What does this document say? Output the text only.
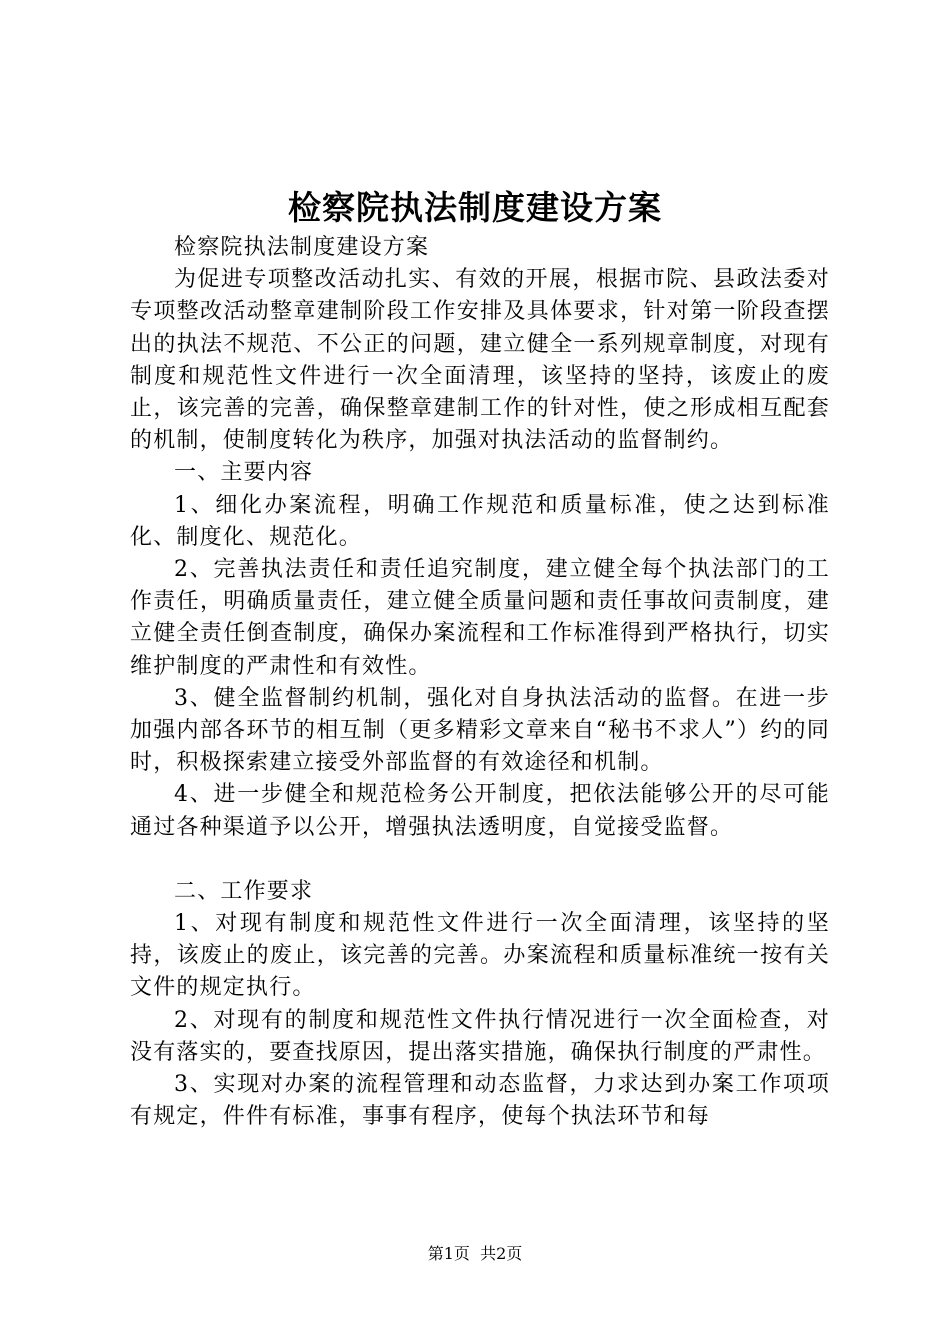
检察院执法制度建设方案

检察院执法制度建设方案

为促进专项整改活动扎实、有效的开展，根据市院、县政法委对专项整改活动整章建制阶段工作安排及具体要求，针对第一阶段查摆出的执法不规范、不公正的问题，建立健全一系列规章制度，对现有制度和规范性文件进行一次全面清理，该坚持的坚持，该废止的废止，该完善的完善，确保整章建制工作的针对性，使之形成相互配套的机制，使制度转化为秩序，加强对执法活动的监督制约。

一、主要内容

1、细化办案流程，明确工作规范和质量标准，使之达到标准化、制度化、规范化。

2、完善执法责任和责任追究制度，建立健全每个执法部门的工作责任，明确质量责任，建立健全质量问题和责任事故问责制度，建立健全责任倒查制度，确保办案流程和工作标准得到严格执行，切实维护制度的严肃性和有效性。

3、健全监督制约机制，强化对自身执法活动的监督。在进一步加强内部各环节的相互制（更多精彩文章来自“秘书不求人”）约的同时，积极探索建立接受外部监督的有效途径和机制。

4、进一步健全和规范检务公开制度，把依法能够公开的尽可能通过各种渠道予以公开，增强执法透明度，自觉接受监督。

二、工作要求

1、对现有制度和规范性文件进行一次全面清理，该坚持的坚持，该废止的废止，该完善的完善。办案流程和质量标准统一按有关文件的规定执行。

2、对现有的制度和规范性文件执行情况进行一次全面检查，对没有落实的，要查找原因，提出落实措施，确保执行制度的严肃性。

3、实现对办案的流程管理和动态监督，力求达到办案工作项项有规定，件件有标准，事事有程序，使每个执法环节和每

第1页  共2页
